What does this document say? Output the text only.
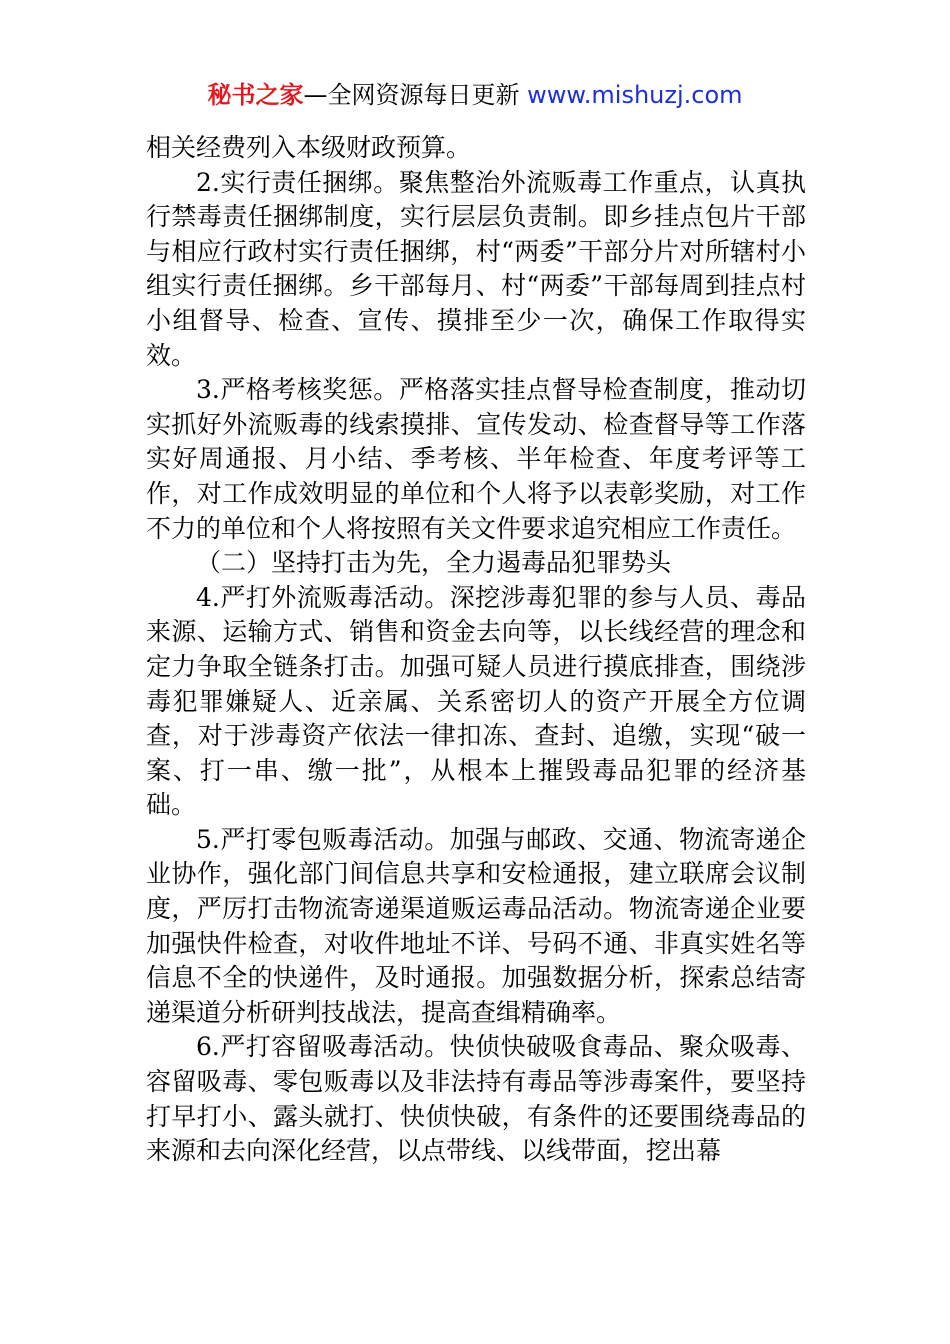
秘书之家—全网资源每日更新 www.mishuzj.com

相关经费列入本级财政预算。

2.实行责任捆绑。聚焦整治外流贩毒工作重点，认真执行禁毒责任捆绑制度，实行层层负责制。即乡挂点包片干部与相应行政村实行责任捆绑，村“两委”干部分片对所辖村小组实行责任捆绑。乡干部每月、村“两委”干部每周到挂点村小组督导、检查、宣传、摸排至少一次，确保工作取得实效。

3.严格考核奖惩。严格落实挂点督导检查制度，推动切实抓好外流贩毒的线索摸排、宣传发动、检查督导等工作落实好周通报、月小结、季考核、半年检查、年度考评等工作，对工作成效明显的单位和个人将予以表彰奖励，对工作不力的单位和个人将按照有关文件要求追究相应工作责任。

（二）坚持打击为先，全力遏毒品犯罪势头

4.严打外流贩毒活动。深挖涉毒犯罪的参与人员、毒品来源、运输方式、销售和资金去向等，以长线经营的理念和定力争取全链条打击。加强可疑人员进行摸底排查，围绕涉毒犯罪嫌疑人、近亲属、关系密切人的资产开展全方位调查，对于涉毒资产依法一律扣冻、查封、追缴，实现“破一案、打一串、缴一批”，从根本上摧毁毒品犯罪的经济基础。

5.严打零包贩毒活动。加强与邮政、交通、物流寄递企业协作，强化部门间信息共享和安检通报，建立联席会议制度，严厉打击物流寄递渠道贩运毒品活动。物流寄递企业要加强快件检查，对收件地址不详、号码不通、非真实姓名等信息不全的快递件，及时通报。加强数据分析，探索总结寄递渠道分析研判技战法，提高查缉精确率。

6.严打容留吸毒活动。快侦快破吸食毒品、聚众吸毒、容留吸毒、零包贩毒以及非法持有毒品等涉毒案件，要坚持打早打小、露头就打、快侦快破，有条件的还要围绕毒品的来源和去向深化经营，以点带线、以线带面，挖出幕
